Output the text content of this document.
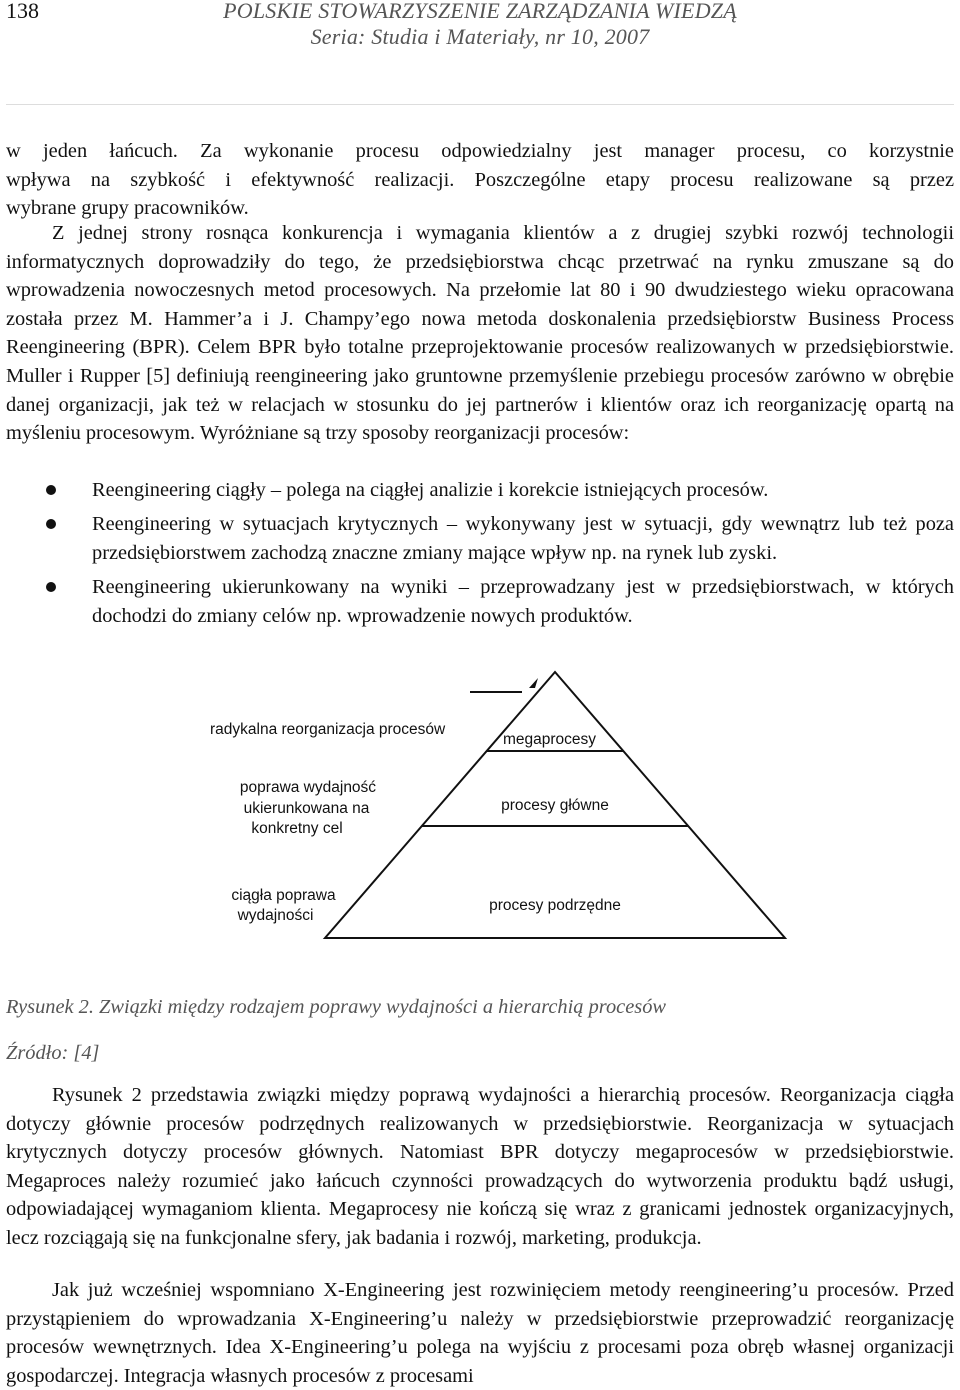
138	POLSKIE STOWARZYSZENIE ZARZĄDZANIA WIEDZĄ
Seria: Studia i Materiały, nr 10, 2007

w jeden łańcuch. Za wykonanie procesu odpowiedzialny jest manager procesu, co korzystnie

wpływa na szybkość i efektywność realizacji. Poszczególne etapy procesu realizowane są przez

wybrane grupy pracowników.

Z jednej strony rosnąca konkurencja i wymagania klientów a z drugiej szybki rozwój technologii informatycznych doprowadziły do tego, że przedsiębiorstwa chcąc przetrwać na rynku zmuszane są do wprowadzenia nowoczesnych metod procesowych. Na przełomie lat 80 i 90 dwudziestego wieku opracowana została przez M. Hammer’a i J. Champy’ego nowa metoda doskonalenia przedsiębiorstw Business Process Reengineering (BPR). Celem BPR było totalne przeprojektowanie procesów realizowanych w przedsiębiorstwie. Muller i Rupper [5] definiują reengineering jako gruntowne przemyślenie przebiegu procesów zarówno w obrębie danej organizacji, jak też w relacjach w stosunku do jej partnerów i klientów oraz ich reorganizację opartą na myśleniu procesowym. Wyróżniane są trzy sposoby reorganizacji procesów:

Reengineering ciągły – polega na ciągłej analizie i korekcie istniejących procesów.
Reengineering w sytuacjach krytycznych – wykonywany jest w sytuacji, gdy wewnątrz lub też poza przedsiębiorstwem zachodzą znaczne zmiany mające wpływ np. na rynek lub zyski.
Reengineering ukierunkowany na wyniki – przeprowadzany jest w przedsiębiorstwach, w których dochodzi do zmiany celów np. wprowadzenie nowych produktów.
radykalna reorganizacja procesów
poprawa wydajność
ukierunkowana na
konkretny cel
ciągła poprawa
wydajności
megaprocesy
procesy główne
procesy podrzędne
Rysunek 2. Związki między rodzajem poprawy wydajności a hierarchią procesów
Źródło: [4]

Rysunek 2 przedstawia związki między poprawą wydajności a hierarchią procesów. Reorganizacja ciągła dotyczy głównie procesów podrzędnych realizowanych w przedsiębiorstwie. Reorganizacja w sytuacjach krytycznych dotyczy procesów głównych. Natomiast BPR dotyczy megaprocesów w przedsiębiorstwie. Megaproces należy rozumieć jako łańcuch czynności prowadzących do wytworzenia produktu bądź usługi, odpowiadającej wymaganiom klienta. Megaprocesy nie kończą się wraz z granicami jednostek organizacyjnych, lecz rozciągają się na funkcjonalne sfery, jak badania i rozwój, marketing, produkcja.

Jak już wcześniej wspomniano X-Engineering jest rozwinięciem metody reengineering’u procesów. Przed przystąpieniem do wprowadzania X-Engineering’u należy w przedsiębiorstwie przeprowadzić reorganizację procesów wewnętrznych. Idea X-Engineering’u polega na wyjściu z procesami poza obręb własnej organizacji gospodarczej. Integracja własnych procesów z procesami
